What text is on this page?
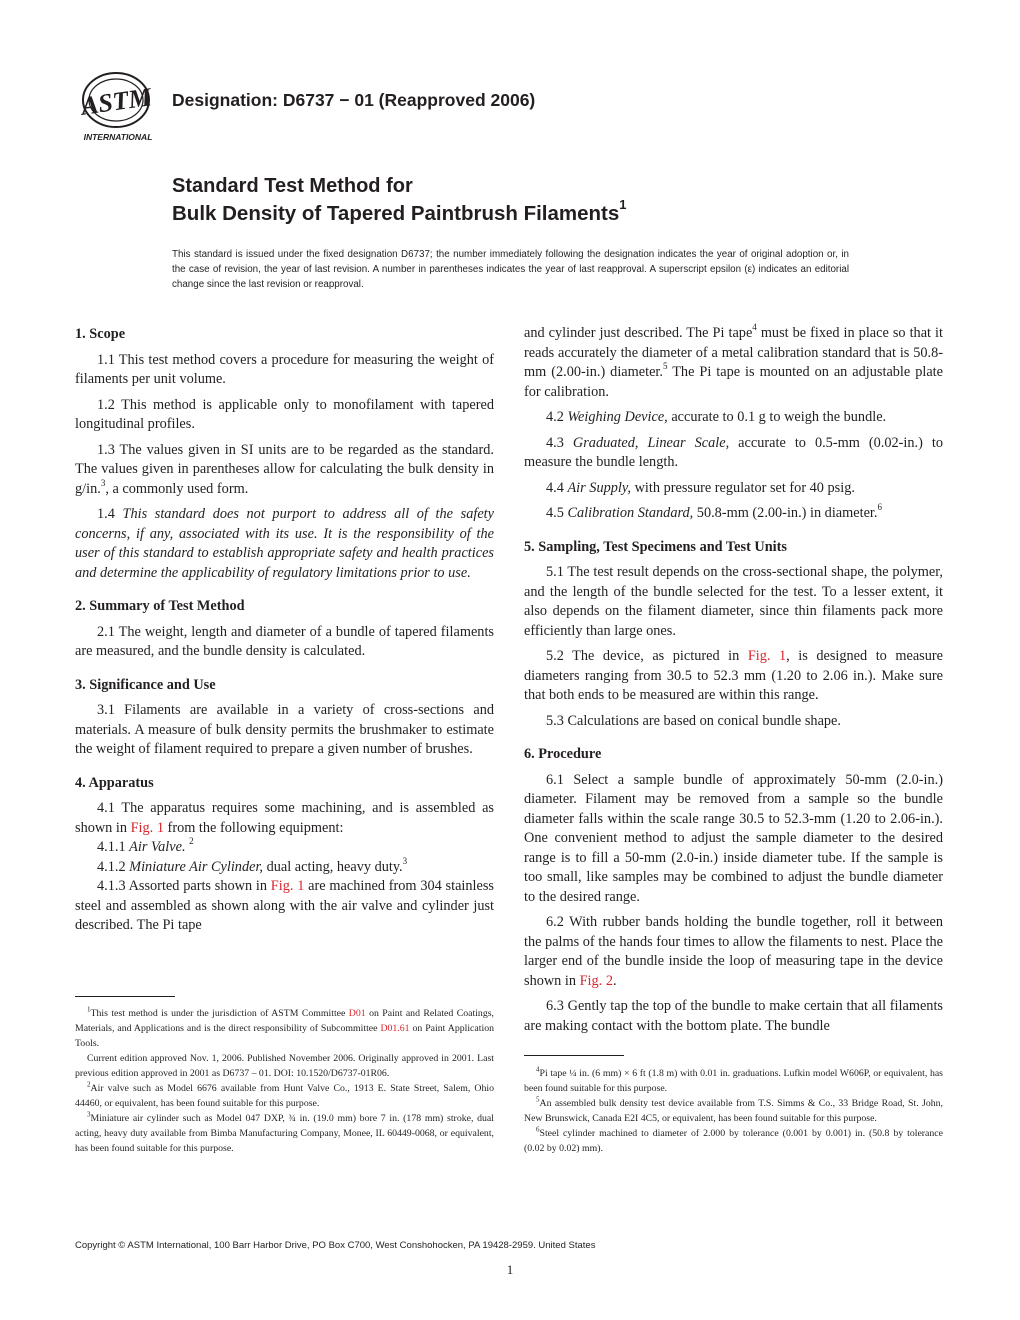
ASTM
INTERNATIONAL
Designation: D6737 − 01 (Reapproved 2006)
Standard Test Method for
Bulk Density of Tapered Paintbrush Filaments$^1$
This standard is issued under the fixed designation D6737; the number immediately following the designation indicates the year of original adoption or, in the case of revision, the year of last revision. A number in parentheses indicates the year of last reapproval. A superscript epsilon (ε) indicates an editorial change since the last revision or reapproval.
1. Scope

1.1 This test method covers a procedure for measuring the weight of filaments per unit volume.

1.2 This method is applicable only to monofilament with tapered longitudinal profiles.

1.3 The values given in SI units are to be regarded as the standard. The values given in parentheses allow for calculating the bulk density in g/in.$^3$, a commonly used form.

1.4 This standard does not purport to address all of the safety concerns, if any, associated with its use. It is the responsibility of the user of this standard to establish appropriate safety and health practices and determine the applicability of regulatory limitations prior to use.

2. Summary of Test Method

2.1 The weight, length and diameter of a bundle of tapered filaments are measured, and the bundle density is calculated.

3. Significance and Use

3.1 Filaments are available in a variety of cross-sections and materials. A measure of bulk density permits the brushmaker to estimate the weight of filament required to prepare a given number of brushes.

4. Apparatus

4.1 The apparatus requires some machining, and is assembled as shown in Fig. 1 from the following equipment:

4.1.1 Air Valve. $^2$

4.1.2 Miniature Air Cylinder, dual acting, heavy duty.$^3$

4.1.3 Assorted parts shown in Fig. 1 are machined from 304 stainless steel and assembled as shown along with the air valve and cylinder just described. The Pi tape

and cylinder just described. The Pi tape$^4$ must be fixed in place so that it reads accurately the diameter of a metal calibration standard that is 50.8-mm (2.00-in.) diameter.$^5$ The Pi tape is mounted on an adjustable plate for calibration.

4.2 Weighing Device, accurate to 0.1 g to weigh the bundle.

4.3 Graduated, Linear Scale, accurate to 0.5-mm (0.02-in.) to measure the bundle length.

4.4 Air Supply, with pressure regulator set for 40 psig.

4.5 Calibration Standard, 50.8-mm (2.00-in.) in diameter.$^6$

5. Sampling, Test Specimens and Test Units

5.1 The test result depends on the cross-sectional shape, the polymer, and the length of the bundle selected for the test. To a lesser extent, it also depends on the filament diameter, since thin filaments pack more efficiently than large ones.

5.2 The device, as pictured in Fig. 1, is designed to measure diameters ranging from 30.5 to 52.3 mm (1.20 to 2.06 in.). Make sure that both ends to be measured are within this range.

5.3 Calculations are based on conical bundle shape.

6. Procedure

6.1 Select a sample bundle of approximately 50-mm (2.0-in.) diameter. Filament may be removed from a sample so the bundle diameter falls within the scale range 30.5 to 52.3-mm (1.20 to 2.06-in.). One convenient method to adjust the sample diameter to the desired range is to fill a 50-mm (2.0-in.) inside diameter tube. If the sample is too small, like samples may be combined to adjust the bundle diameter to the desired range.

6.2 With rubber bands holding the bundle together, roll it between the palms of the hands four times to allow the filaments to nest. Place the larger end of the bundle inside the loop of measuring tape in the device shown in Fig. 2.

6.3 Gently tap the top of the bundle to make certain that all filaments are making contact with the bottom plate. The bundle

$^1$This test method is under the jurisdiction of ASTM Committee D01 on Paint and Related Coatings, Materials, and Applications and is the direct responsibility of Subcommittee D01.61 on Paint Application Tools.

Current edition approved Nov. 1, 2006. Published November 2006. Originally approved in 2001. Last previous edition approved in 2001 as D6737 – 01. DOI: 10.1520/D6737-01R06.

$^2$Air valve such as Model 6676 available from Hunt Valve Co., 1913 E. State Street, Salem, Ohio 44460, or equivalent, has been found suitable for this purpose.

$^3$Miniature air cylinder such as Model 047 DXP, ¾ in. (19.0 mm) bore 7 in. (178 mm) stroke, dual acting, heavy duty available from Bimba Manufacturing Company, Monee, IL 60449-0068, or equivalent, has been found suitable for this purpose.

$^4$Pi tape ¼ in. (6 mm) × 6 ft (1.8 m) with 0.01 in. graduations. Lufkin model W606P, or equivalent, has been found suitable for this purpose.

$^5$An assembled bulk density test device available from T.S. Simms & Co., 33 Bridge Road, St. John, New Brunswick, Canada E2I 4C5, or equivalent, has been found suitable for this purpose.

$^6$Steel cylinder machined to diameter of 2.000 by tolerance (0.001 by 0.001) in. (50.8 by tolerance (0.02 by 0.02) mm).

Copyright © ASTM International, 100 Barr Harbor Drive, PO Box C700, West Conshohocken, PA 19428-2959. United States
1
